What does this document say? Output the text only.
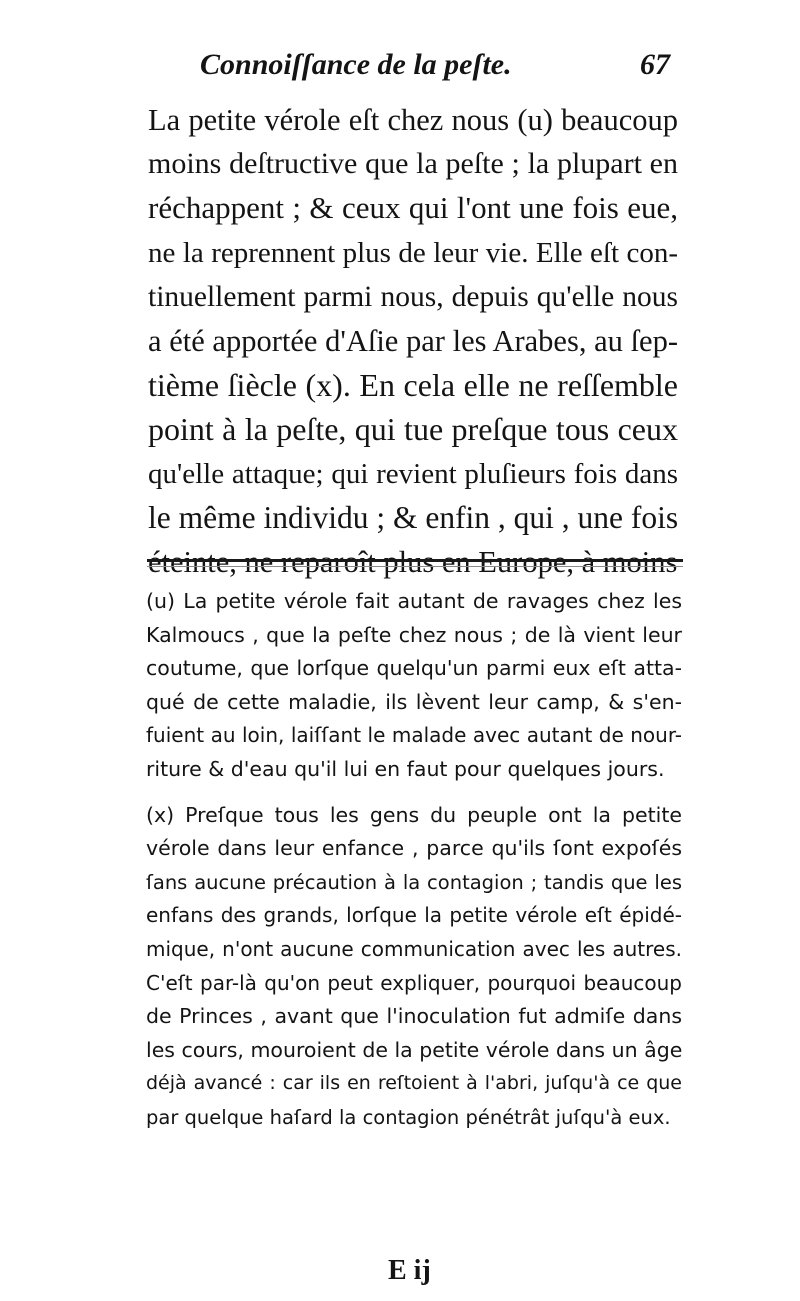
Connoiſſance de la peſte.	67
La petite vérole eſt chez nous (u) beaucoup
moins deſtructive que la peſte ; la plupart en
réchappent ; & ceux qui l'ont une fois eue,
ne la reprennent plus de leur vie. Elle eſt con-
tinuellement parmi nous, depuis qu'elle nous
a été apportée d'Aſie par les Arabes, au ſep-
tième ſiècle (x). En cela elle ne reſſemble
point à la peſte, qui tue preſque tous ceux
qu'elle attaque; qui revient pluſieurs fois dans
le même individu ; & enfin , qui , une fois
éteinte, ne reparoît plus en Europe, à moins
(u) La petite vérole fait autant de ravages chez les
Kalmoucs , que la peſte chez nous ; de là vient leur
coutume, que lorſque quelqu'un parmi eux eſt atta-
qué de cette maladie, ils lèvent leur camp, & s'en-
fuient au loin, laiſſant le malade avec autant de nour-
riture & d'eau qu'il lui en faut pour quelques jours.
(x) Preſque tous les gens du peuple ont la petite
vérole dans leur enfance , parce qu'ils ſont expoſés
ſans aucune précaution à la contagion ; tandis que les
enfans des grands, lorſque la petite vérole eſt épidé-
mique, n'ont aucune communication avec les autres.
C'eſt par-là qu'on peut expliquer, pourquoi beaucoup
de Princes , avant que l'inoculation fut admiſe dans
les cours, mouroient de la petite vérole dans un âge
déjà avancé : car ils en reſtoient à l'abri, juſqu'à ce que
par quelque haſard la contagion pénétrât juſqu'à eux.
E ij
